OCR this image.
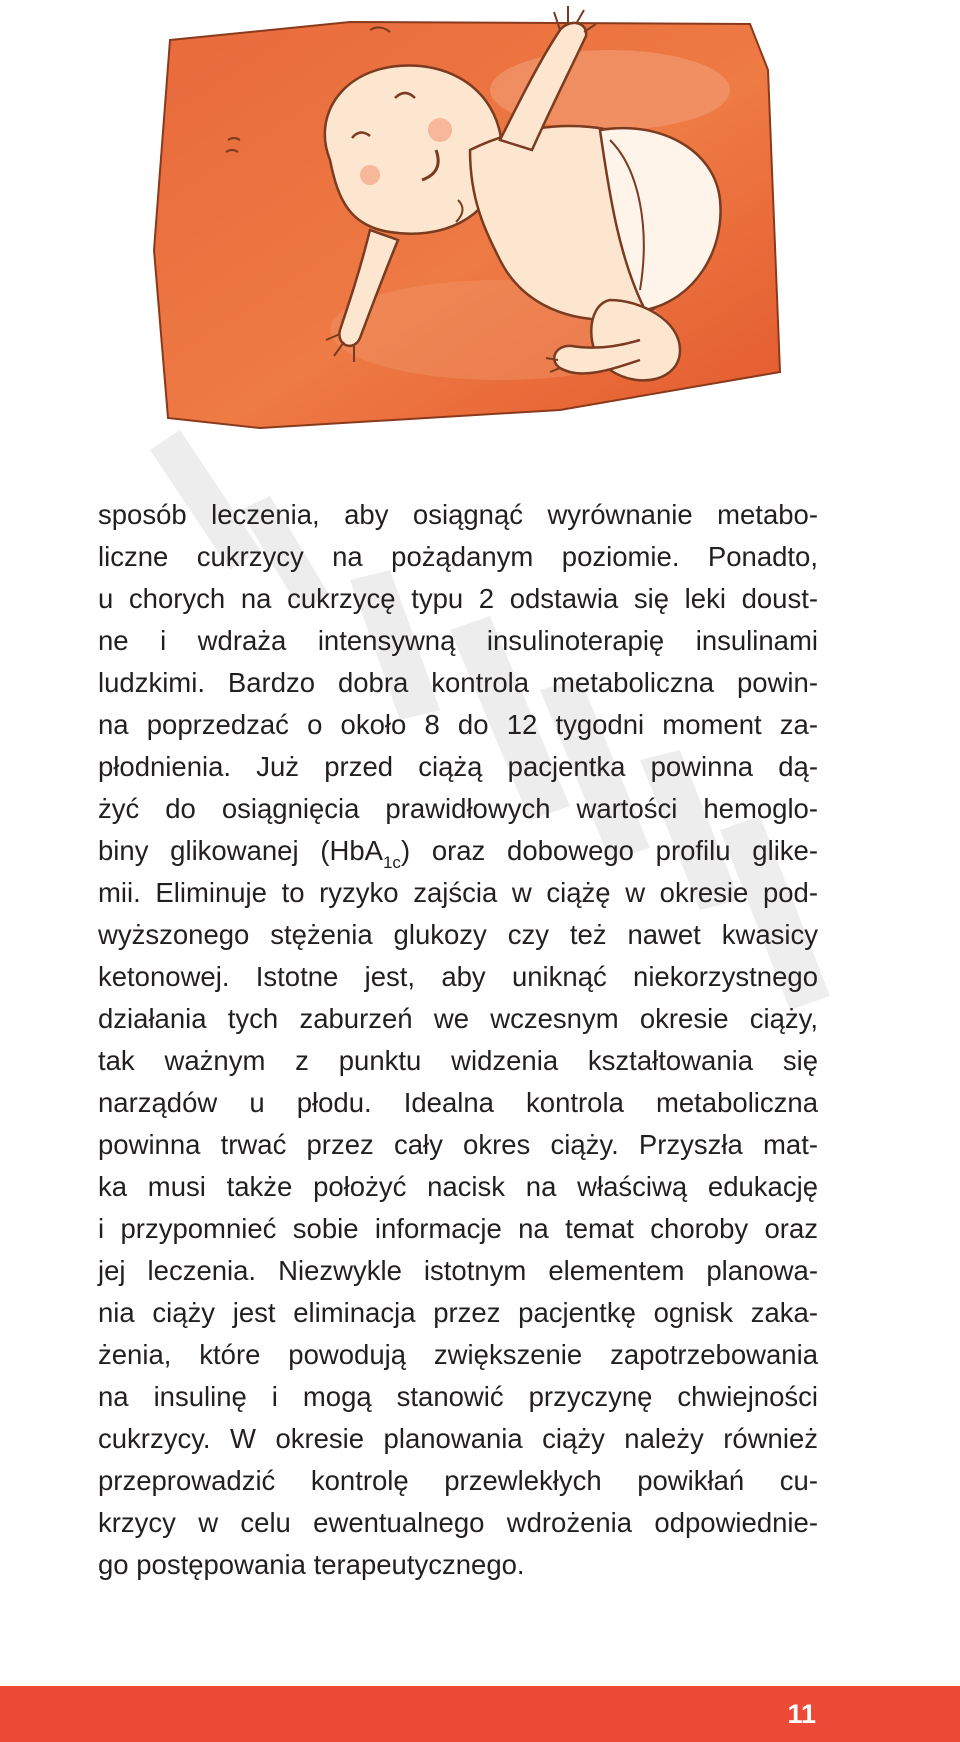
sposób leczenia, aby osiągnąć wyrównanie metabo-
liczne cukrzycy na pożądanym poziomie. Ponadto,
u chorych na cukrzycę typu 2 odstawia się leki doust-
ne i wdraża intensywną insulinoterapię insulinami
ludzkimi. Bardzo dobra kontrola metaboliczna powin-
na poprzedzać o około 8 do 12 tygodni moment za-
płodnienia. Już przed ciążą pacjentka powinna dą-
żyć do osiągnięcia prawidłowych wartości hemoglo-
biny glikowanej (HbA$_{1c}$) oraz dobowego profilu glike-
mii. Eliminuje to ryzyko zajścia w ciążę w okresie pod-
wyższonego stężenia glukozy czy też nawet kwasicy
ketonowej. Istotne jest, aby uniknąć niekorzystnego
działania tych zaburzeń we wczesnym okresie ciąży,
tak ważnym z punktu widzenia kształtowania się
narządów u płodu. Idealna kontrola metaboliczna
powinna trwać przez cały okres ciąży. Przyszła mat-
ka musi także położyć nacisk na właściwą edukację
i przypomnieć sobie informacje na temat choroby oraz
jej leczenia. Niezwykle istotnym elementem planowa-
nia ciąży jest eliminacja przez pacjentkę ognisk zaka-
żenia, które powodują zwiększenie zapotrzebowania
na insulinę i mogą stanowić przyczynę chwiejności
cukrzycy. W okresie planowania ciąży należy również
przeprowadzić kontrolę przewlekłych powikłań cu-
krzycy w celu ewentualnego wdrożenia odpowiednie-
go postępowania terapeutycznego.
11
